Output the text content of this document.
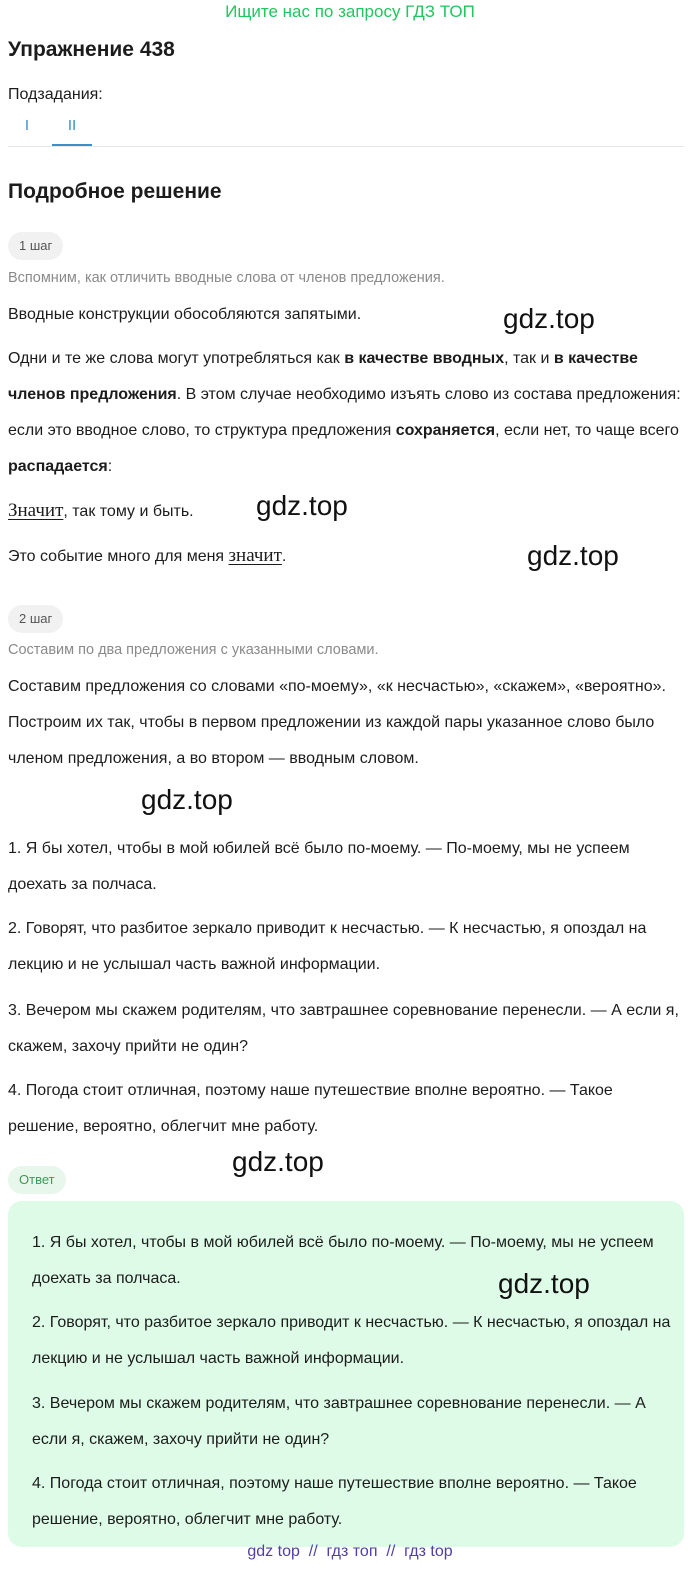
Ищите нас по запросу ГДЗ ТОП
Упражнение 438
Подзадания:
I	II
Подробное решение
1 шаг
Вспомним, как отличить вводные слова от членов предложения.
Вводные конструкции обособляются запятыми.
Одни и те же слова могут употребляться как в качестве вводных, так и в качестве членов предложения. В этом случае необходимо изъять слово из состава предложения: если это вводное слово, то структура предложения сохраняется, если нет, то чаще всего распадается:
Значит, так тому и быть.
Это событие много для меня значит.
2 шаг
Составим по два предложения с указанными словами.
Составим предложения со словами «по-моему», «к несчастью», «скажем», «вероятно». Построим их так, чтобы в первом предложении из каждой пары указанное слово было членом предложения, а во втором — вводным словом.
1. Я бы хотел, чтобы в мой юбилей всё было по-моему. — По-моему, мы не успеем доехать за полчаса.
2. Говорят, что разбитое зеркало приводит к несчастью. — К несчастью, я опоздал на лекцию и не услышал часть важной информации.
3. Вечером мы скажем родителям, что завтрашнее соревнование перенесли. — А если я, скажем, захочу прийти не один?
4. Погода стоит отличная, поэтому наше путешествие вполне вероятно. — Такое решение, вероятно, облегчит мне работу.
Ответ
1. Я бы хотел, чтобы в мой юбилей всё было по-моему. — По-моему, мы не успеем доехать за полчаса.
2. Говорят, что разбитое зеркало приводит к несчастью. — К несчастью, я опоздал на лекцию и не услышал часть важной информации.
3. Вечером мы скажем родителям, что завтрашнее соревнование перенесли. — А если я, скажем, захочу прийти не один?
4. Погода стоит отличная, поэтому наше путешествие вполне вероятно. — Такое решение, вероятно, облегчит мне работу.
gdz.top
gdz.top
gdz.top
gdz.top
gdz.top
gdz.top
gdz top  //  гдз топ  //  гдз top
